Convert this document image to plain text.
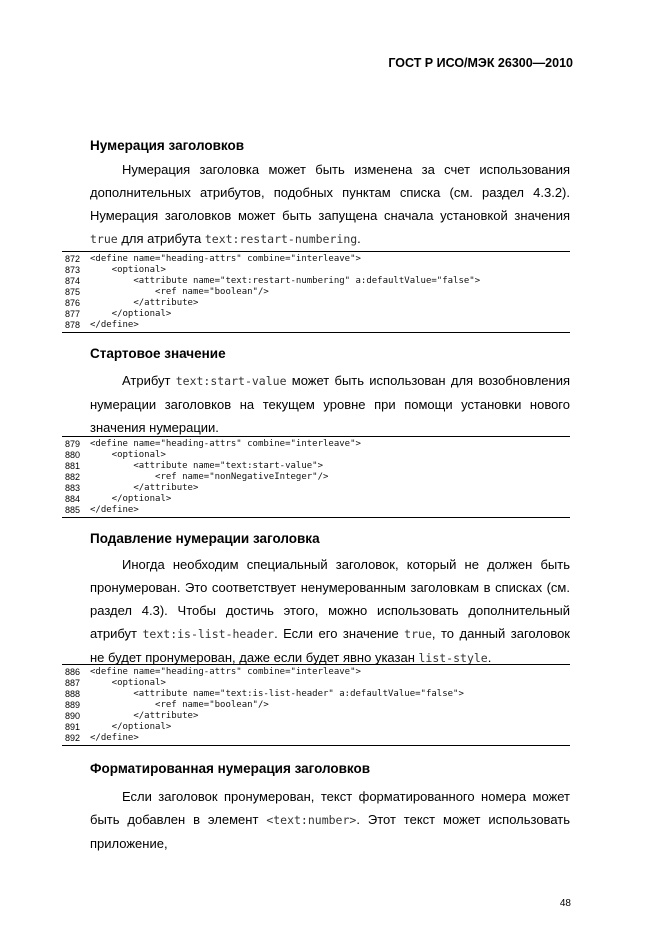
ГОСТ Р ИСО/МЭК 26300—2010
Нумерация заголовков

Нумерация заголовка может быть изменена за счет использования дополнительных атрибутов, подобных пунктам списка (см. раздел 4.3.2). Нумерация заголовков может быть запущена сначала установкой значения true для атрибута text:restart-numbering.

872 <define name="heading-attrs" combine="interleave">
873 <optional>
874 <attribute name="text:restart-numbering" a:defaultValue="false">
875 <ref name="boolean"/>
876 </attribute>
877 </optional>
878 </define>
Стартовое значение

Атрибут text:start-value может быть использован для возобновления нумерации заголовков на текущем уровне при помощи установки нового значения нумерации.

879 <define name="heading-attrs" combine="interleave">
880 <optional>
881 <attribute name="text:start-value">
882 <ref name="nonNegativeInteger"/>
883 </attribute>
884 </optional>
885 </define>
Подавление нумерации заголовка

Иногда необходим специальный заголовок, который не должен быть пронумерован. Это соответствует ненумерованным заголовкам в списках (см. раздел 4.3). Чтобы достичь этого, можно использовать дополнительный атрибут text:is-list-header. Если его значение true, то данный заголовок не будет пронумерован, даже если будет явно указан list-style.

886 <define name="heading-attrs" combine="interleave">
887 <optional>
888 <attribute name="text:is-list-header" a:defaultValue="false">
889 <ref name="boolean"/>
890 </attribute>
891 </optional>
892 </define>
Форматированная нумерация заголовков

Если заголовок пронумерован, текст форматированного номера может быть добавлен в элемент <text:number>. Этот текст может использовать приложение,

48
